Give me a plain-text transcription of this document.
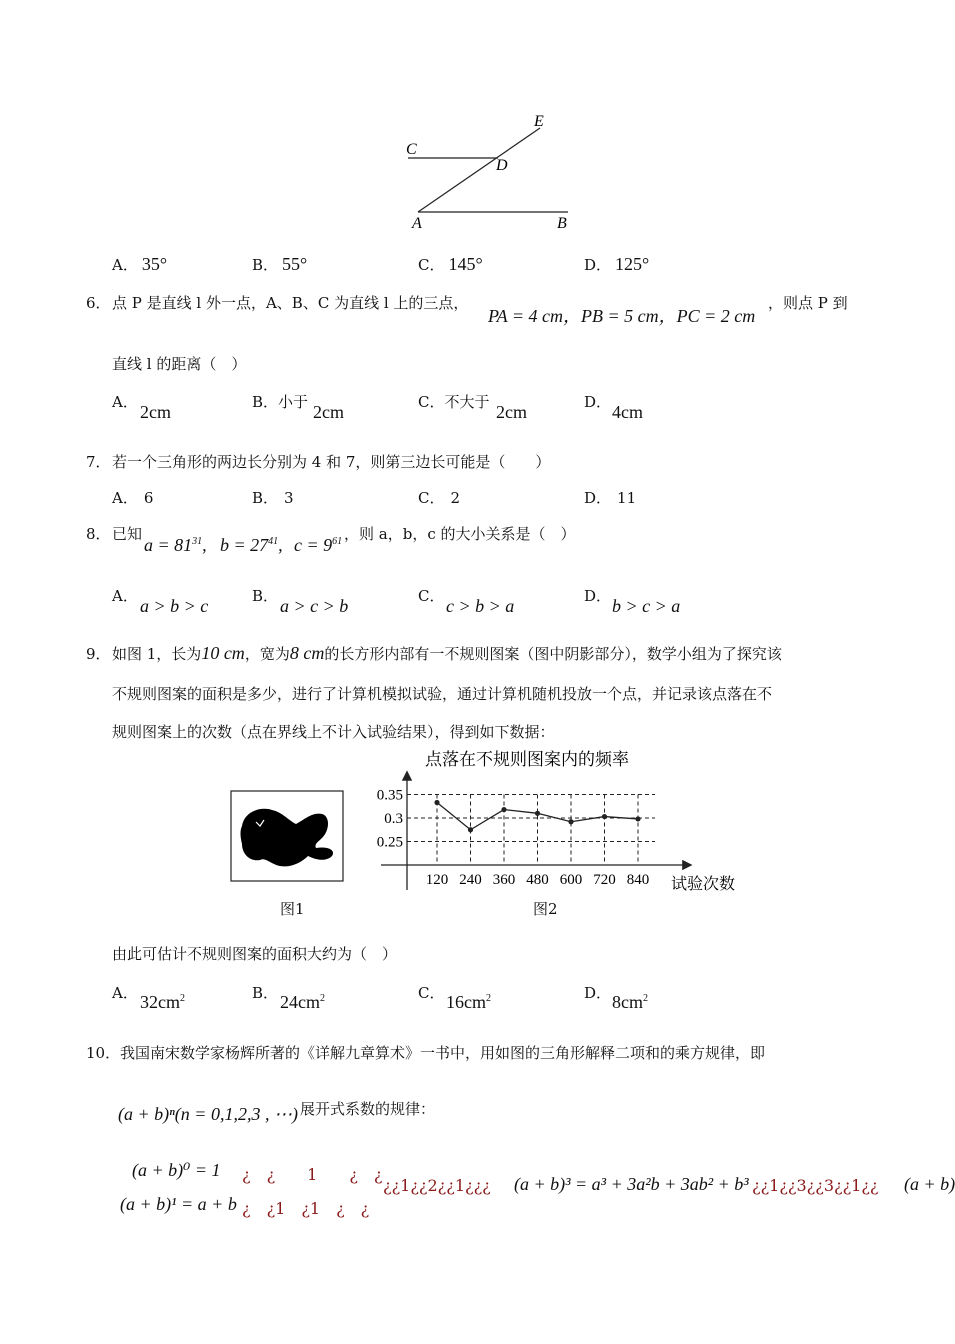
E
C
D
A	B
A． 35°	B． 55°	C． 145°	D． 125°
6． 点 P 是直线 l 外一点，A、B、C 为直线 l 上的三点，
PA = 4 cm，PB = 5 cm，PC = 2 cm
，则点 P 到
直线 l 的距离（　）
A． 2cm	B．小于 2cm	C．不大于 2cm	D． 4cm
7． 若一个三角形的两边长分别为 4 和 7，则第三边长可能是（　　）
A． 6	B． 3	C． 2	D． 11
8． 已知
$a = 81^{31}$, $b = 27^{41}$, $c = 9^{61}$ ，则 a，b，c 的大小关系是（　）
A． a > b > c	B． a > c > b	C． c > b > a	D． b > c > a
9． 如图 1，长为10 cm，宽为8 cm的长方形内部有一不规则图案（图中阴影部分），数学小组为了探究该
不规则图案的面积是多少，进行了计算机模拟试验，通过计算机随机投放一个点，并记录该点落在不
规则图案上的次数（点在界线上不计入试验结果），得到如下数据：
图1
点落在不规则图案内的频率
0.35
0.3
0.25
120 240 360 480 600 720 840 试验次数
图2
由此可估计不规则图案的面积大约为（　）
A． $32cm^2$	B． $24cm^2$	C． $16cm^2$	D． $8cm^2$
10． 我国南宋数学家杨辉所著的《详解九章算术》一书中，用如图的三角形解释二项和的乘方规律，即
(a + b)ⁿ(n = 0,1,2,3 , ⋯) 展开式系数的规律：
(a + b)⁰ = 1 ¿　¿　　1　　¿　¿
¿¿1¿¿2¿¿1¿¿¿ (a + b)³ = a³ + 3a²b + 3ab² + b³ ¿¿1¿¿3¿¿3¿¿1¿¿ (a + b)
(a + b)¹ = a + b ¿　¿1　¿1　¿　¿
